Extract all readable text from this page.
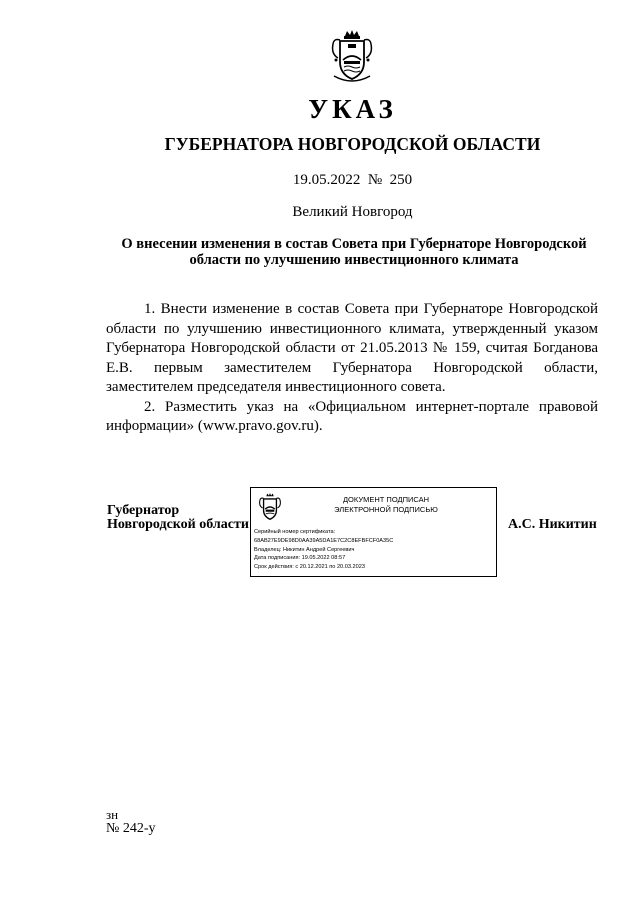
УКАЗ
ГУБЕРНАТОРА НОВГОРОДСКОЙ ОБЛАСТИ
19.05.2022  №  250
Великий Новгород
О внесении изменения в состав Совета при Губернаторе Новгородской области по улучшению инвестиционного климата

1. Внести изменение в состав Совета при Губернаторе Новгородской области по улучшению инвестиционного климата, утвержденный указом Губернатора Новгородской области от 21.05.2013 № 159, считая Богданова Е.В. первым заместителем Губернатора Новгородской области, заместителем председателя инвестиционного совета.

2. Разместить указ на «Официальном интернет-портале правовой информации» (www.pravo.gov.ru).

Губернатор
Новгородской области
ДОКУМЕНТ ПОДПИСАН
ЭЛЕКТРОННОЙ ПОДПИСЬЮ
Серийный номер сертификата:
68AB27E9DE98D0AA39A5DA1E7C2C8EFBFCF0A35C
Владелец: Никитин Андрей Сергеевич
Дата подписания: 19.05.2022 08:57
Срок действия: с 20.12.2021 по 20.03.2023
А.С. Никитин
зн
№ 242-у
